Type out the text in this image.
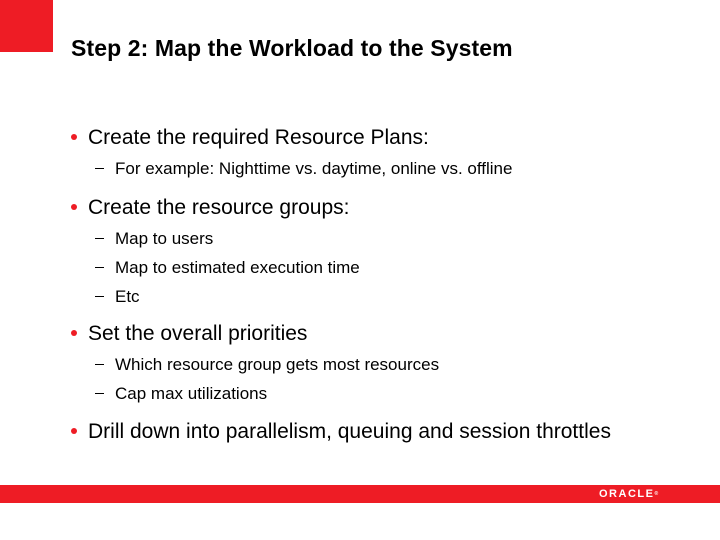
Step 2: Map the Workload to the System
Create the required Resource Plans:
For example: Nighttime vs. daytime, online vs. offline
Create the resource groups:
Map to users
Map to estimated execution time
Etc
Set the overall priorities
Which resource group gets most resources
Cap max utilizations
Drill down into parallelism, queuing and session throttles
ORACLE®
